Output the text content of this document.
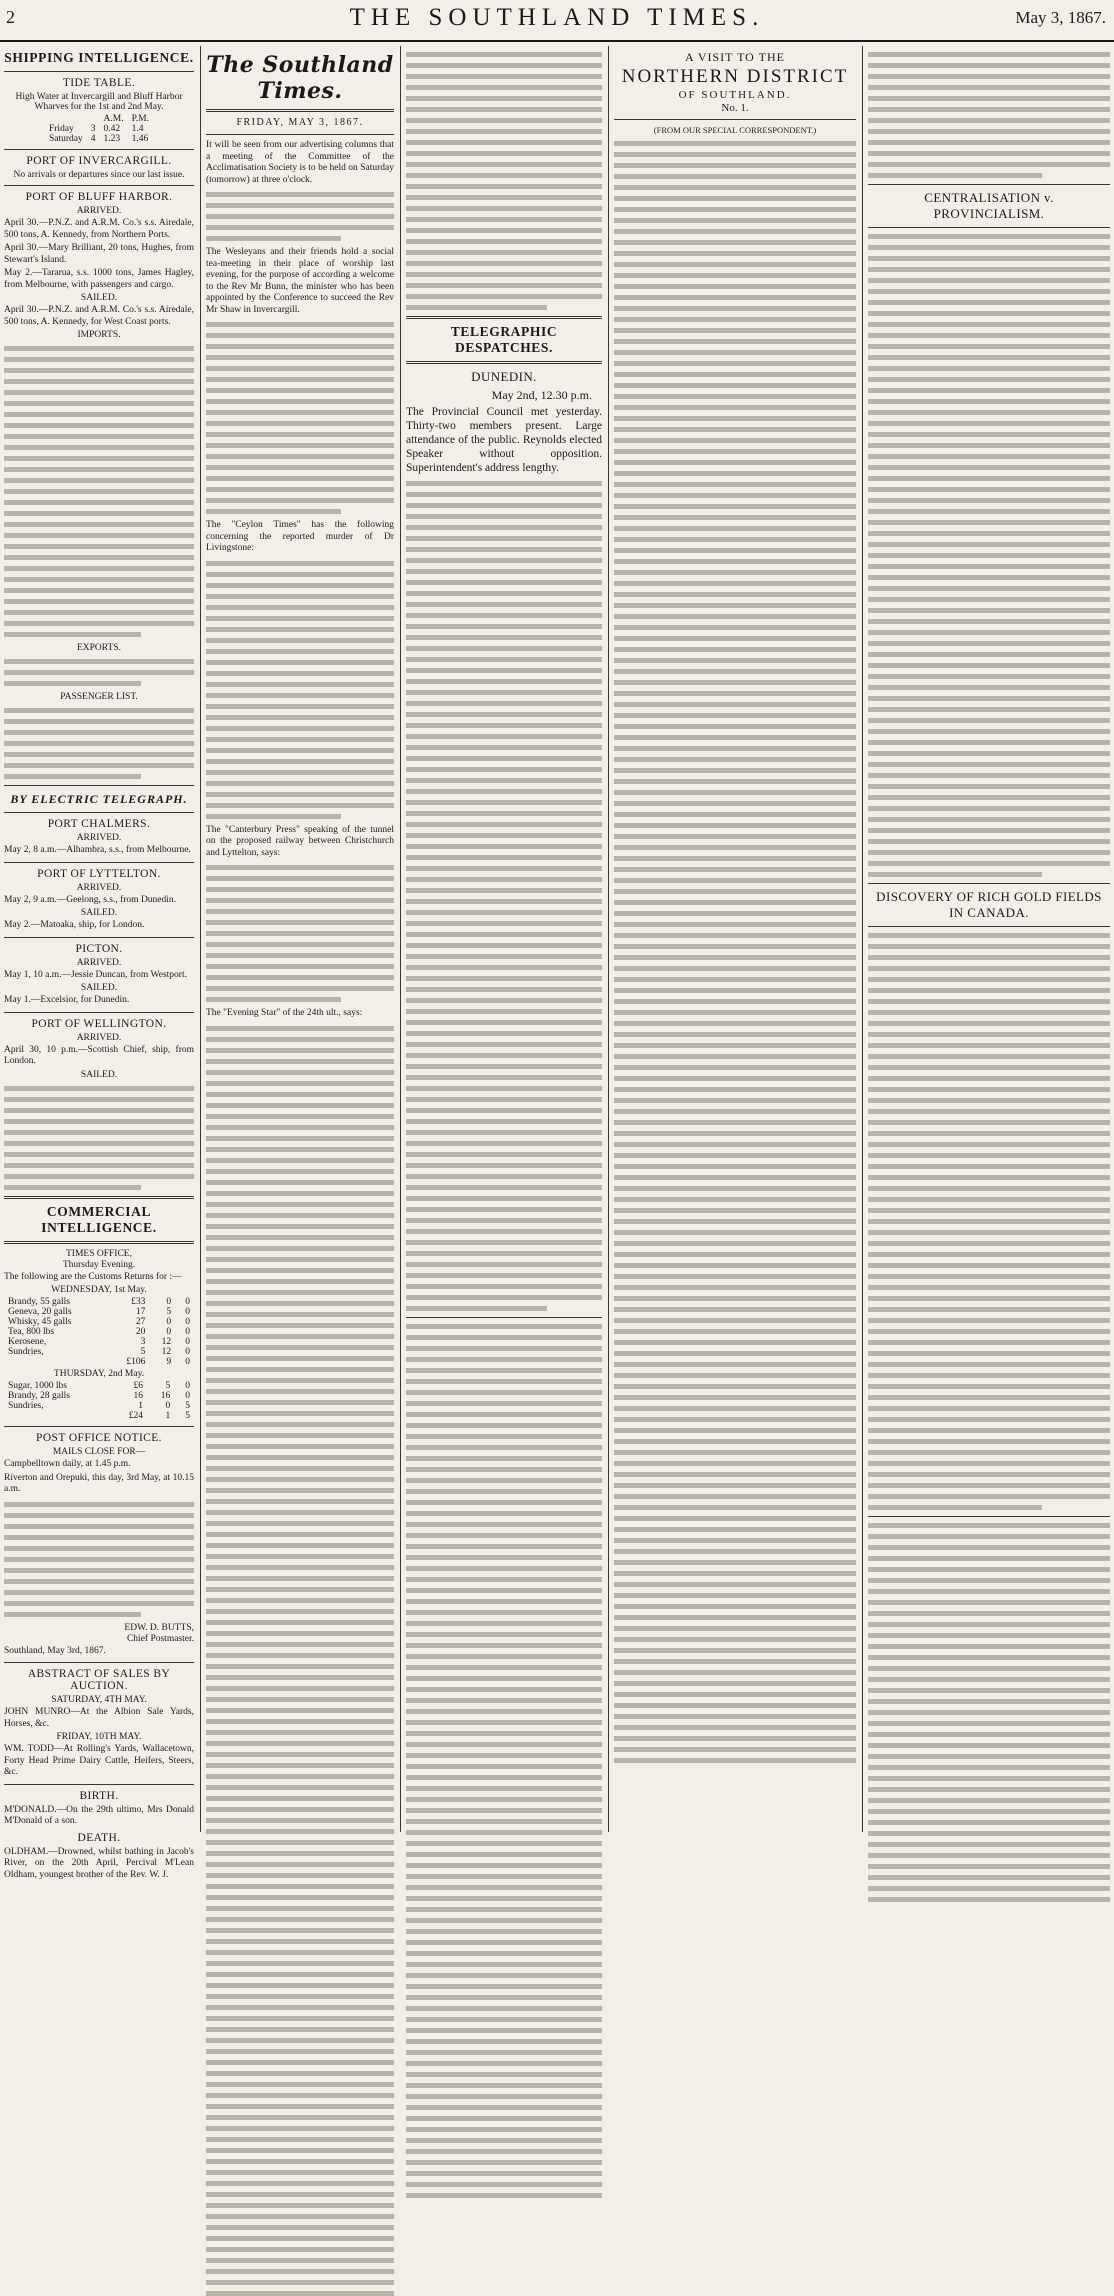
2	THE SOUTHLAND TIMES.	May 3, 1867.
SHIPPING INTELLIGENCE.
TIDE TABLE.
High Water at Invercargill and Bluff Harbor Wharves for the 1st and 2nd May.
		A.M.	P.M.
Friday	3	0.42	1.4
Saturday	4	1.23	1.46
PORT OF INVERCARGILL.
No arrivals or departures since our last issue.
PORT OF BLUFF HARBOR.
ARRIVED.

April 30.—P.N.Z. and A.R.M. Co.'s s.s. Airedale, 500 tons, A. Kennedy, from Northern Ports.

April 30.—Mary Brilliant, 20 tons, Hughes, from Stewart's Island.

May 2.—Tararua, s.s. 1000 tons, James Hagley, from Melbourne, with passengers and cargo.

SAILED.

April 30.—P.N.Z. and A.R.M. Co.'s s.s. Airedale, 500 tons, A. Kennedy, for West Coast ports.

IMPORTS.
EXPORTS.
PASSENGER LIST.
BY ELECTRIC TELEGRAPH.
PORT CHALMERS.
ARRIVED.

May 2, 8 a.m.—Alhambra, s.s., from Melbourne.

PORT OF LYTTELTON.
ARRIVED.

May 2, 9 a.m.—Geelong, s.s., from Dunedin.

SAILED.

May 2.—Matoaka, ship, for London.

PICTON.
ARRIVED.

May 1, 10 a.m.—Jessie Duncan, from Westport.

SAILED.

May 1.—Excelsior, for Dunedin.

PORT OF WELLINGTON.
ARRIVED.

April 30, 10 p.m.—Scottish Chief, ship, from London.

SAILED.
COMMERCIAL INTELLIGENCE.
TIMES OFFICE,
Thursday Evening.

The following are the Customs Returns for :—

WEDNESDAY, 1st May.
Brandy, 55 galls	£33	0	0
Geneva, 20 galls	17	5	0
Whisky, 45 galls	27	0	0
Tea, 800 lbs	20	0	0
Kerosene,	3	12	0
Sundries,	5	12	0
	£106	9	0
THURSDAY, 2nd May.
Sugar, 1000 lbs	£6	5	0
Brandy, 28 galls	16	16	0
Sundries,	1	0	5
	£24	1	5
POST OFFICE NOTICE.
MAILS CLOSE FOR—

Campbelltown daily, at 1.45 p.m.

Riverton and Orepuki, this day, 3rd May, at 10.15 a.m.

EDW. D. BUTTS,
Chief Postmaster.

Southland, May 3rd, 1867.

ABSTRACT OF SALES BY AUCTION.
SATURDAY, 4TH MAY.

JOHN MUNRO—At the Albion Sale Yards, Horses, &c.

FRIDAY, 10TH MAY.

WM. TODD—At Rolling's Yards, Wallacetown, Forty Head Prime Dairy Cattle, Heifers, Steers, &c.

BIRTH.

M'DONALD.—On the 29th ultimo, Mrs Donald M'Donald of a son.

DEATH.

OLDHAM.—Drowned, whilst bathing in Jacob's River, on the 20th April, Percival M'Lean Oldham, youngest brother of the Rev. W. J.

The Southland Times.
FRIDAY, MAY 3, 1867.

It will be seen from our advertising columns that a meeting of the Committee of the Acclimatisation Society is to be held on Saturday (tomorrow) at three o'clock.

The Wesleyans and their friends hold a social tea-meeting in their place of worship last evening, for the purpose of according a welcome to the Rev Mr Bunn, the minister who has been appointed by the Conference to succeed the Rev Mr Shaw in Invercargill.

The "Ceylon Times" has the following concerning the reported murder of Dr Livingstone:

The "Canterbury Press" speaking of the tunnel on the proposed railway between Christchurch and Lyttelton, says:

The "Evening Star" of the 24th ult., says:

TELEGRAPHIC DESPATCHES.
DUNEDIN.
May 2nd, 12.30 p.m.

The Provincial Council met yesterday. Thirty-two members present. Large attendance of the public. Reynolds elected Speaker without opposition. Superintendent's address lengthy.

A VISIT TO THE
NORTHERN DISTRICT
OF SOUTHLAND.
No. 1.
(FROM OUR SPECIAL CORRESPONDENT.)
CENTRALISATION v. PROVINCIALISM.
DISCOVERY OF RICH GOLD FIELDS IN CANADA.
